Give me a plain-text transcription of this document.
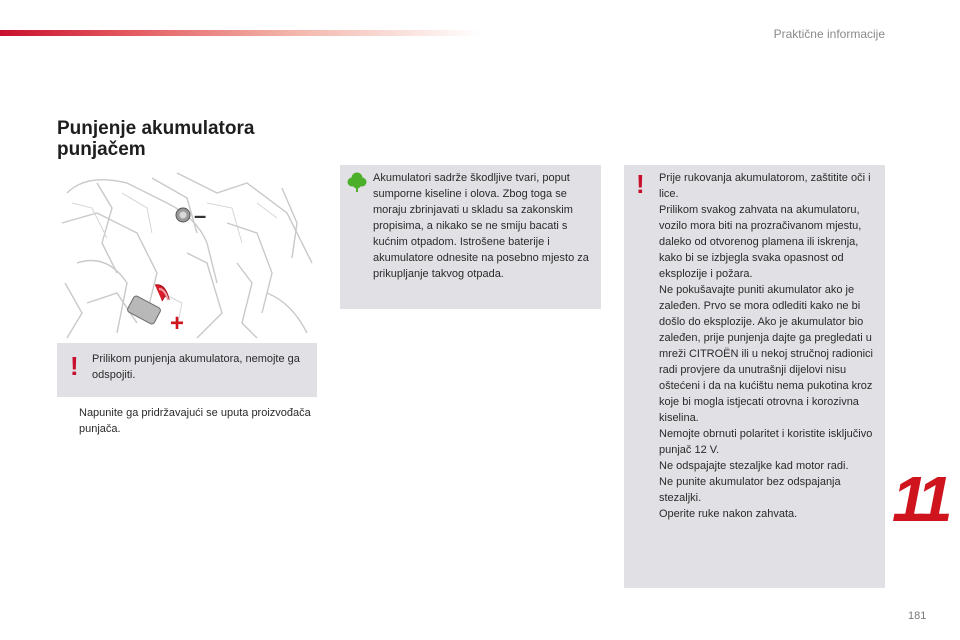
Praktične informacije
Punjenje akumulatora punjačem
–
+
! Prilikom punjenja akumulatora, nemojte ga odspojiti.

Napunite ga pridržavajući se uputa proizvođača punjača.

Akumulatori sadrže škodljive tvari, poput sumporne kiseline i olova. Zbog toga se moraju zbrinjavati u skladu sa zakonskim propisima, a nikako se ne smiju bacati s kućnim otpadom. Istrošene baterije i akumulatore odnesite na posebno mjesto za prikupljanje takvog otpada.

! Prije rukovanja akumulatorom, zaštitite oči i lice.

Prilikom svakog zahvata na akumulatoru, vozilo mora biti na prozračivanom mjestu, daleko od otvorenog plamena ili iskrenja, kako bi se izbjegla svaka opasnost od eksplozije i požara.

Ne pokušavajte puniti akumulator ako je zaleđen. Prvo se mora odlediti kako ne bi došlo do eksplozije. Ako je akumulator bio zaleđen, prije punjenja dajte ga pregledati u mreži CITROËN ili u nekoj stručnoj radionici radi provjere da unutrašnji dijelovi nisu oštećeni i da na kućištu nema pukotina kroz koje bi mogla istjecati otrovna i korozivna kiselina.

Nemojte obrnuti polaritet i koristite isključivo punjač 12 V.

Ne odspajajte stezaljke kad motor radi.

Ne punite akumulator bez odspajanja stezaljki.

Operite ruke nakon zahvata.	11
181
